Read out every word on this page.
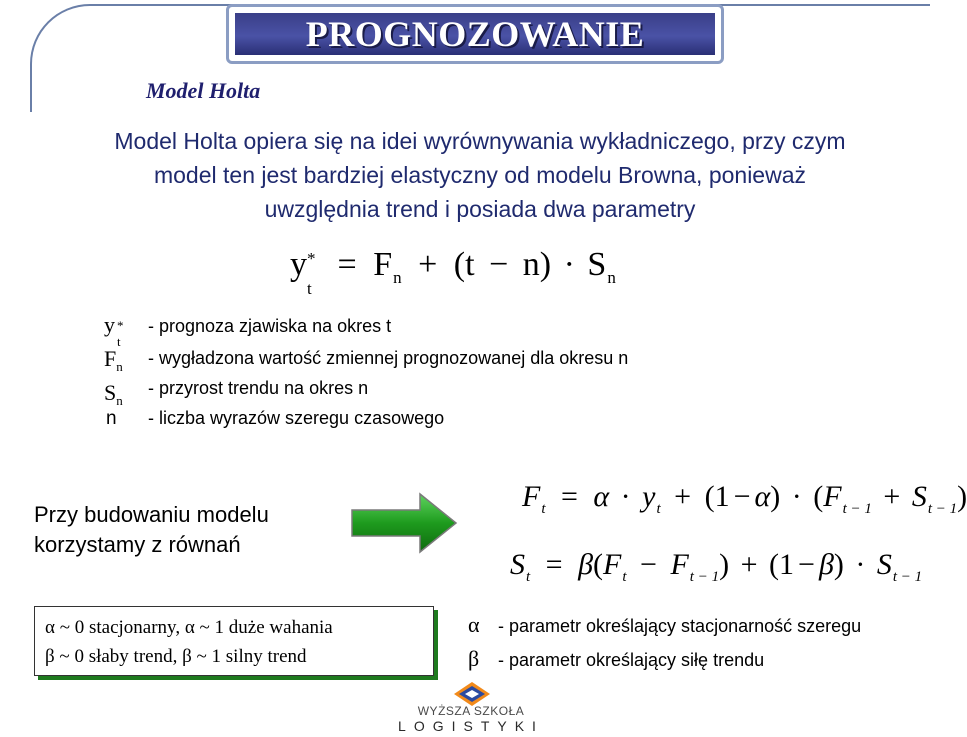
PROGNOZOWANIE
Model Holta
Model Holta opiera się na idei wyrównywania wykładniczego, przy czym
model ten jest bardziej elastyczny od modelu Browna, ponieważ
uwzględnia trend i posiada dwa parametry
y *
t
= $F_n + (t - n) \cdot S_n$
y *
t
- prognoza zjawiska na okres t
$F_n$ - wygładzona wartość zmiennej prognozowanej dla okresu n
$S_n$
- przyrost trendu na okres n
n - liczba wyrazów szeregu czasowego
Przy budowaniu modelu
korzystamy z równań
$F_t = \alpha \cdot y_t + (1 - \alpha) \cdot (F_{t - 1} + S_{t - 1})$
$S_t = \beta(F_t - F_{t - 1}) + (1 - \beta) \cdot S_{t - 1}$
α ~ 0 stacjonarny, α ~ 1 duże wahania
β ~ 0 słaby trend, β ~ 1 silny trend
α - parametr określający stacjonarność szeregu
β - parametr określający siłę trendu
WYŻSZA SZKOŁA
LOGISTYKI
